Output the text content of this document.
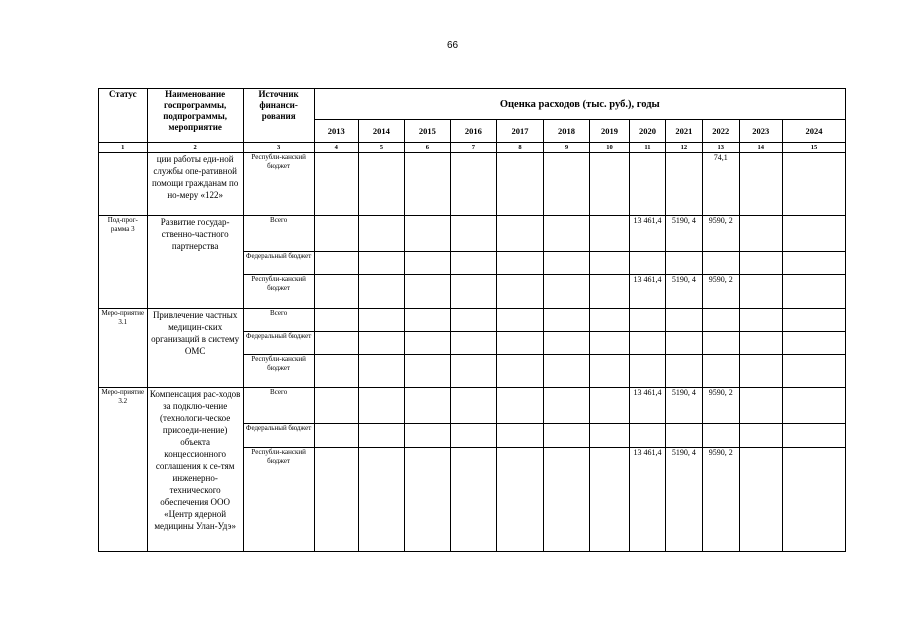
66
Статус	Наименование госпрограммы, подпрограммы, мероприятие	Источник финанси-рования	Оценка расходов (тыс. руб.), годы											
			2013	2014	2015	2016	2017	2018	2019	2020	2021	2022	2023	2024
1	2	3	4	5	6	7	8	9	10	11	12	13	14	15
	ции работы еди-ной службы опе-ративной помощи гражданам по но-меру «122»	Республи-канский бюджет										74,1		
Под-прог-рамма 3	Развитие государ-ственно-частного партнерства	Всего								13 461,4	5190, 4	9590, 2		
		Федеральный бюджет												
		Республи-канский бюджет								13 461,4	5190, 4	9590, 2		
Меро-приятие 3.1	Привлечение частных медицин-ских организаций в систему ОМС	Всего												
		Федеральный бюджет												
		Республи-канский бюджет												
Меро-приятие 3.2	Компенсация рас-ходов за подклю-чение (технологи-ческое присоеди-нение) объекта концессионного соглашения к се-тям инженерно-технического обеспечения ООО «Центр ядерной медицины Улан-Удэ»	Всего								13 461,4	5190, 4	9590, 2		
		Федеральный бюджет												
		Республи-канский бюджет								13 461,4	5190, 4	9590, 2		
